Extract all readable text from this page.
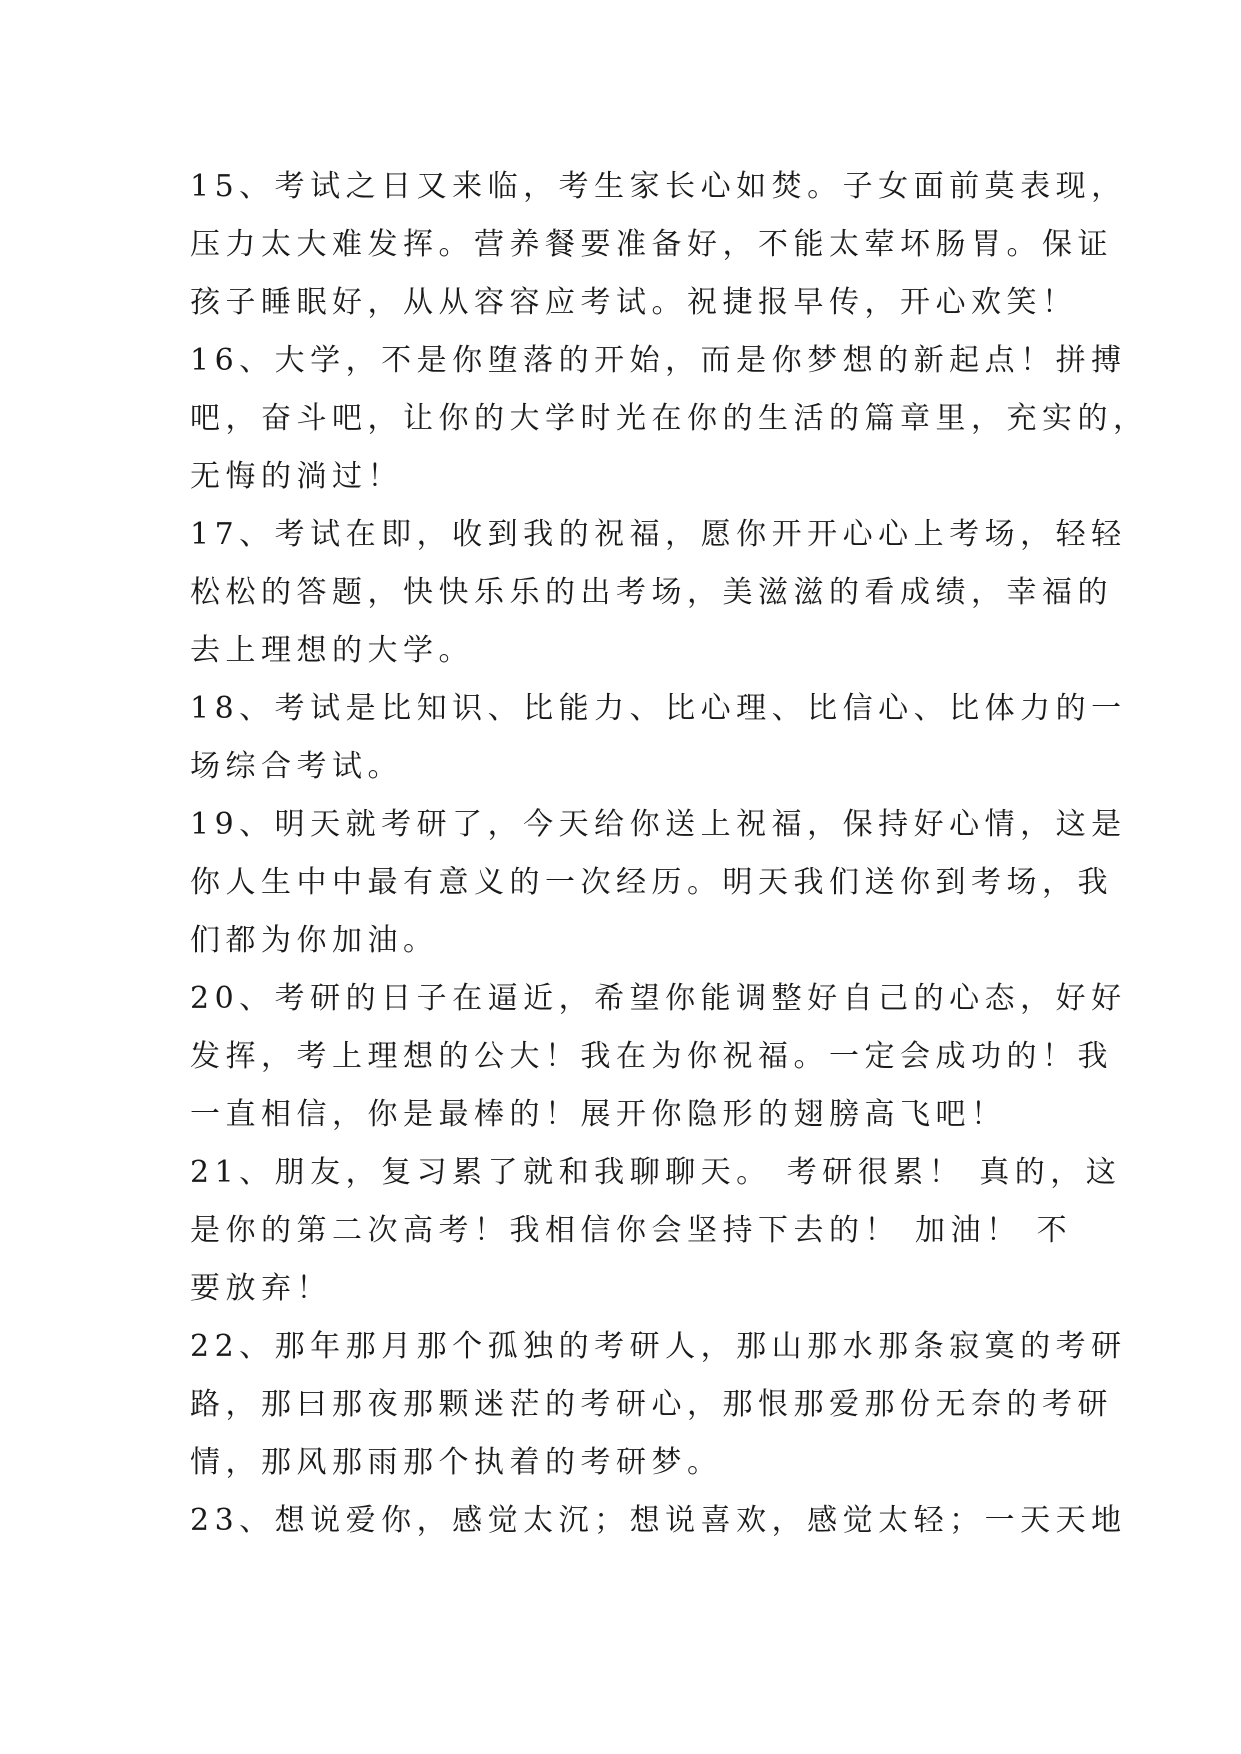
15、考试之日又来临，考生家长心如焚。子女面前莫表现，
压力太大难发挥。营养餐要准备好，不能太荤坏肠胃。保证
孩子睡眠好，从从容容应考试。祝捷报早传，开心欢笑！
16、大学，不是你堕落的开始，而是你梦想的新起点！拼搏
吧，奋斗吧，让你的大学时光在你的生活的篇章里，充实的，
无悔的淌过！
17、考试在即，收到我的祝福，愿你开开心心上考场，轻轻
松松的答题，快快乐乐的出考场，美滋滋的看成绩，幸福的
去上理想的大学。
18、考试是比知识、比能力、比心理、比信心、比体力的一
场综合考试。
19、明天就考研了，今天给你送上祝福，保持好心情，这是
你人生中中最有意义的一次经历。明天我们送你到考场，我
们都为你加油。
20、考研的日子在逼近，希望你能调整好自己的心态，好好
发挥，考上理想的公大！我在为你祝福。一定会成功的！我
一直相信，你是最棒的！展开你隐形的翅膀高飞吧！
21、朋友，复习累了就和我聊聊天。 考研很累！ 真的，这
是你的第二次高考！我相信你会坚持下去的！ 加油！ 不
要放弃！
22、那年那月那个孤独的考研人，那山那水那条寂寞的考研
路，那曰那夜那颗迷茫的考研心，那恨那爱那份无奈的考研
情，那风那雨那个执着的考研梦。
23、想说爱你，感觉太沉；想说喜欢，感觉太轻；一天天地
